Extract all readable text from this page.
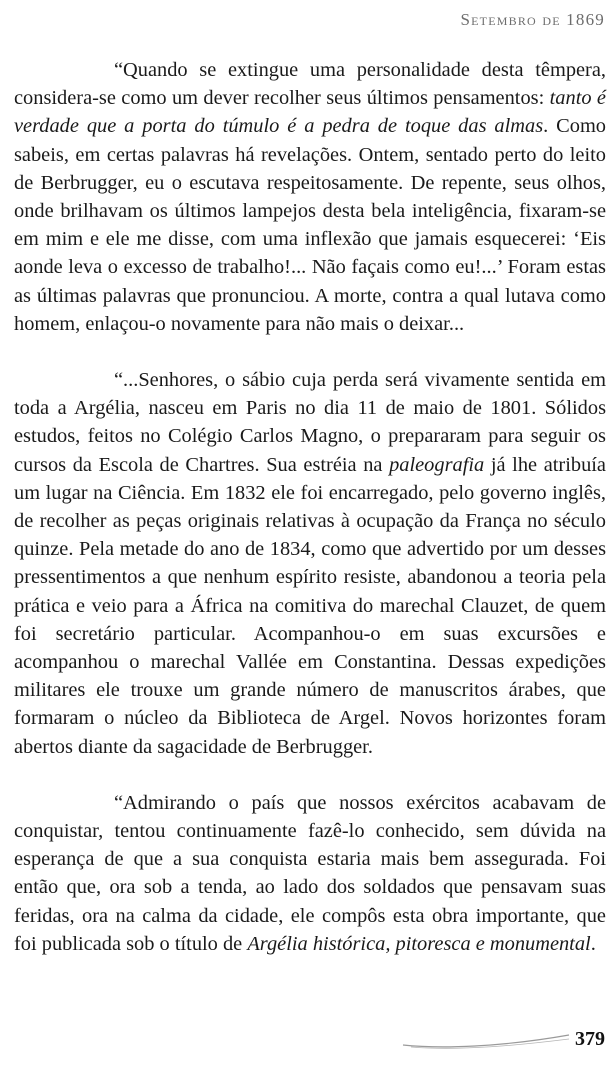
Setembro de 1869

“Quando se extingue uma personalidade desta têmpera, considera-se como um dever recolher seus últimos pensamentos: tanto é verdade que a porta do túmulo é a pedra de toque das almas. Como sabeis, em certas palavras há revelações. Ontem, sentado perto do leito de Berbrugger, eu o escutava respeitosamente. De repente, seus olhos, onde brilhavam os últimos lampejos desta bela inteligência, fixaram-se em mim e ele me disse, com uma inflexão que jamais esquecerei: ‘Eis aonde leva o excesso de trabalho!... Não façais como eu!...’ Foram estas as últimas palavras que pronunciou. A morte, contra a qual lutava como homem, enlaçou-o novamente para não mais o deixar...

“...Senhores, o sábio cuja perda será vivamente sentida em toda a Argélia, nasceu em Paris no dia 11 de maio de 1801. Sólidos estudos, feitos no Colégio Carlos Magno, o prepararam para seguir os cursos da Escola de Chartres. Sua estréia na paleografia já lhe atribuía um lugar na Ciência. Em 1832 ele foi encarregado, pelo governo inglês, de recolher as peças originais relativas à ocupação da França no século quinze. Pela metade do ano de 1834, como que advertido por um desses pressentimentos a que nenhum espírito resiste, abandonou a teoria pela prática e veio para a África na comitiva do marechal Clauzet, de quem foi secretário particular. Acompanhou-o em suas excursões e acompanhou o marechal Vallée em Constantina. Dessas expedições militares ele trouxe um grande número de manuscritos árabes, que formaram o núcleo da Biblioteca de Argel. Novos horizontes foram abertos diante da sagacidade de Berbrugger.

“Admirando o país que nossos exércitos acabavam de conquistar, tentou continuamente fazê-lo conhecido, sem dúvida na esperança de que a sua conquista estaria mais bem assegurada. Foi então que, ora sob a tenda, ao lado dos soldados que pensavam suas feridas, ora na calma da cidade, ele compôs esta obra importante, que foi publicada sob o título de Argélia histórica, pitoresca e monumental.

379
